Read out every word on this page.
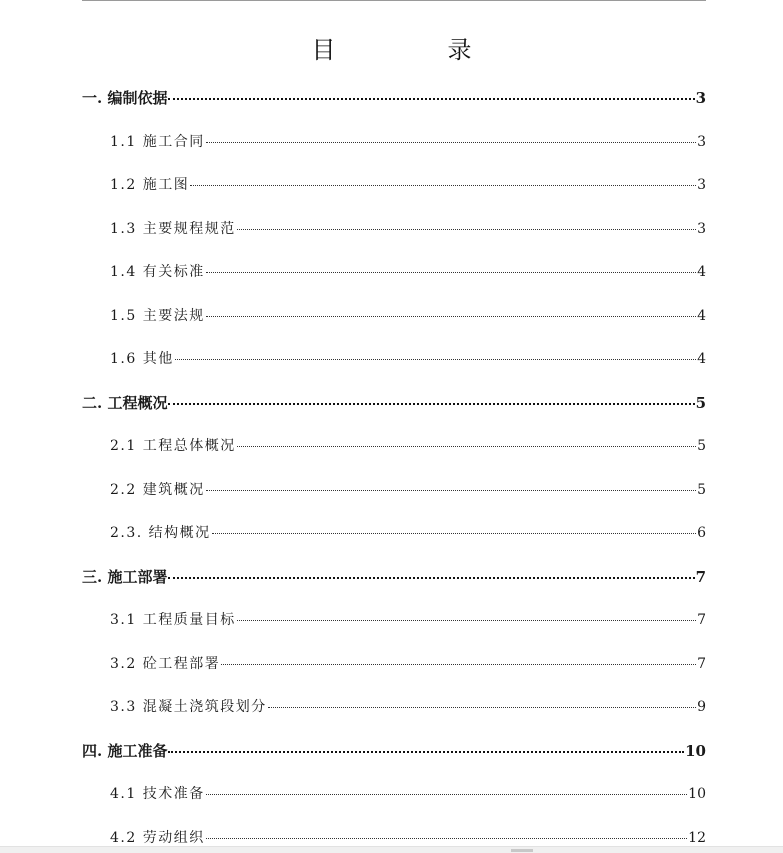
目　录
一. 编制依据	3
1.1 施工合同	3
1.2 施工图	3
1.3 主要规程规范	3
1.4 有关标准	4
1.5 主要法规	4
1.6 其他	4
二. 工程概况	5
2.1 工程总体概况	5
2.2 建筑概况	5
2.3. 结构概况	6
三. 施工部署	7
3.1 工程质量目标	7
3.2 砼工程部署	7
3.3 混凝土浇筑段划分	9
四. 施工准备	10
4.1 技术准备	10
4.2 劳动组织	12
